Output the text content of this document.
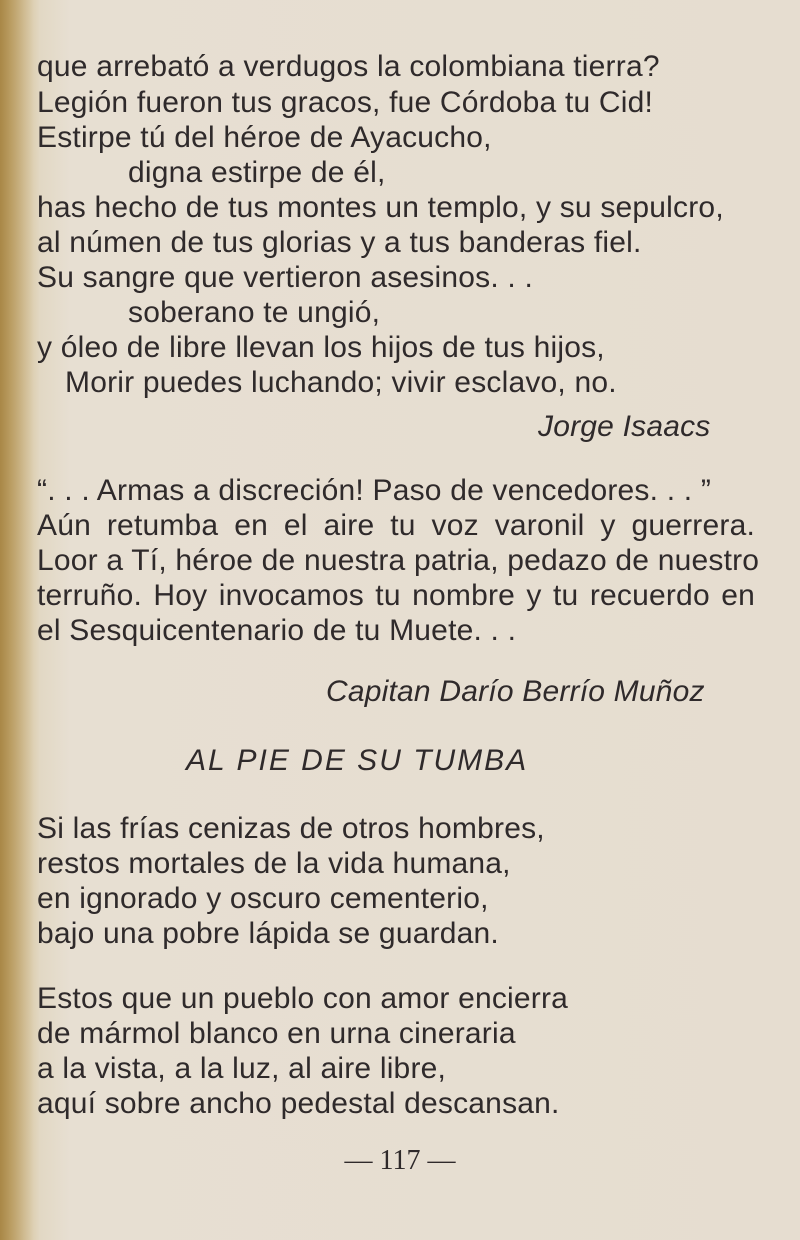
que arrebató a verdugos la colombiana tierra?
Legión fueron tus gracos, fue Córdoba tu Cid!
Estirpe tú del héroe de Ayacucho,
digna estirpe de él,
has hecho de tus montes un templo, y su sepulcro,
al númen de tus glorias y a tus banderas fiel.
Su sangre que vertieron asesinos. . .
soberano te ungió,
y óleo de libre llevan los hijos de tus hijos,
Morir puedes luchando; vivir esclavo, no.
Jorge Isaacs
“. . . Armas a discreción! Paso de vencedores. . . ”
Aún retumba en el aire tu voz varonil y guerrera.
Loor a Tí, héroe de nuestra patria, pedazo de nuestro
terruño. Hoy invocamos tu nombre y tu recuerdo en
el Sesquicentenario de tu Muete. . .
Capitan Darío Berrío Muñoz
AL PIE DE SU TUMBA
Si las frías cenizas de otros hombres,
restos mortales de la vida humana,
en ignorado y oscuro cementerio,
bajo una pobre lápida se guardan.
Estos que un pueblo con amor encierra
de mármol blanco en urna cineraria
a la vista, a la luz, al aire libre,
aquí sobre ancho pedestal descansan.
— 117 —
